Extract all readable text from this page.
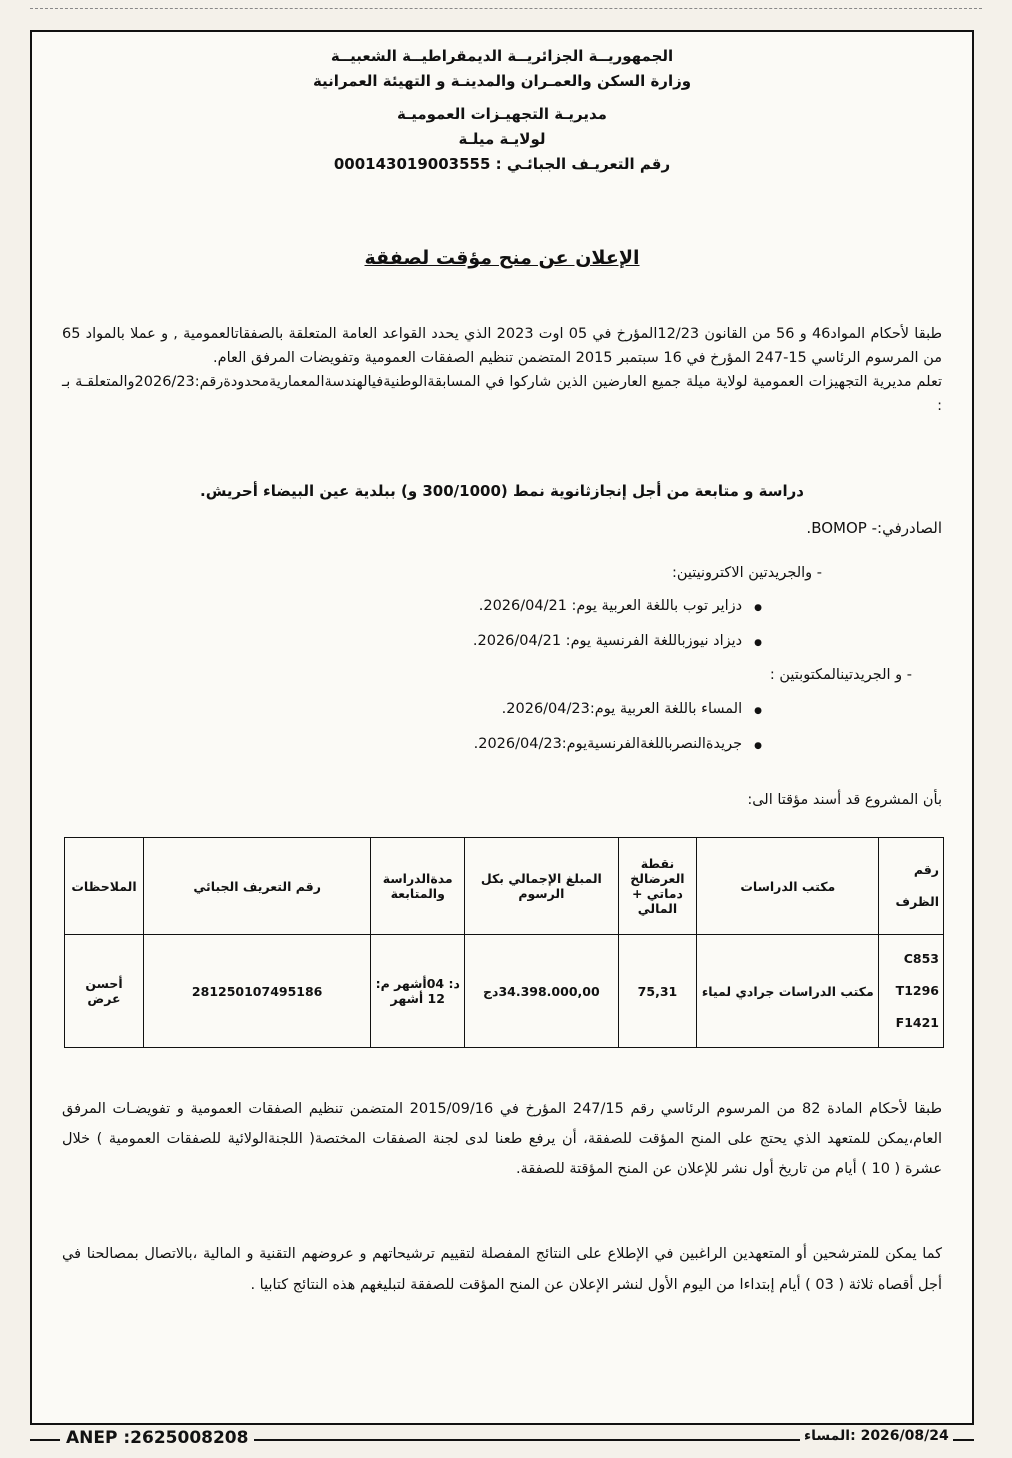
الجمهوريــة الجزائريــة الديمقراطيــة الشعبيــة
وزارة السكن والعمـران والمدينـة و التهيئة العمرانية
مديريـة التجهيـزات العموميـة
لولايـة ميلـة
رقم التعريـف الجبائـي : 000143019003555
الإعلان عن منح مؤقت لصفقة
طبقا لأحكام المواد46 و 56 من القانون 12/23المؤرخ في 05 اوت 2023 الذي يحدد القواعد العامة المتعلقة بالصفقاتالعمومية , و عملا بالمواد 65 من المرسوم الرئاسي 15-247 المؤرخ في 16 سبتمبر 2015 المتضمن تنظيم الصفقات العمومية وتفويضات المرفق العام.
تعلم مديرية التجهيزات العمومية لولاية ميلة جميع العارضين الذين شاركوا في المسابقةالوطنيةفيالهندسةالمعماريةمحدودةرقم:2026/23والمتعلقـة بـ :
دراسة و متابعة من أجل إنجازثانوية نمط (300/1000 و) ببلدية عين البيضاء أحريش.
الصادرفي:- BOMOP.
- والجريدتين الاكترونيتين:
● دزاير توب باللغة العربية يوم: 2026/04/21.
● ديزاد نيوزباللغة الفرنسية يوم: 2026/04/21.
- و الجريدتينالمكتوبتين :
● المساء باللغة العربية يوم:2026/04/23.
● جريدةالنصرباللغةالفرنسيةيوم:2026/04/23.
بأن المشروع قد أسند مؤقتا الى:
رقم الظرف	مكتب الدراسات	نقطة العرضالخ دماتي + المالي	المبلغ الإجمالي بكل الرسوم	مدةالدراسة والمتابعة	رقم التعريف الجبائي	الملاحظات

C853
T1296
F1421	مكتب الدراسات جرادي لمياء	75,31	34.398.000,00دج	د: 04أشهر م: 12 أشهر	281250107495186	أحسن عرض
طبقا لأحكام المادة 82 من المرسوم الرئاسي رقم 247/15 المؤرخ في 2015/09/16 المتضمن تنظيم الصفقات العمومية و تفويضـات المرفق العام،يمكن للمتعهد الذي يحتج على المنح المؤقت للصفقة، أن يرفع طعنا لدى لجنة الصفقات المختصة( اللجنةالولائية للصفقات العمومية ) خلال عشرة ( 10 ) أيام من تاريخ أول نشر للإعلان عن المنح المؤقتة للصفقة.
كما يمكن للمترشحين أو المتعهدين الراغبين في الإطلاع على النتائج المفصلة لتقييم ترشيحاتهم و عروضهم التقنية و المالية ،بالاتصال بمصالحنا في أجل أقصاه ثلاثة ( 03 ) أيام إبتداءا من اليوم الأول لنشر الإعلان عن المنح المؤقت للصفقة لتبليغهم هذه النتائج كتابيا .
ANEP :2625008208	2026/08/24 :المساء
